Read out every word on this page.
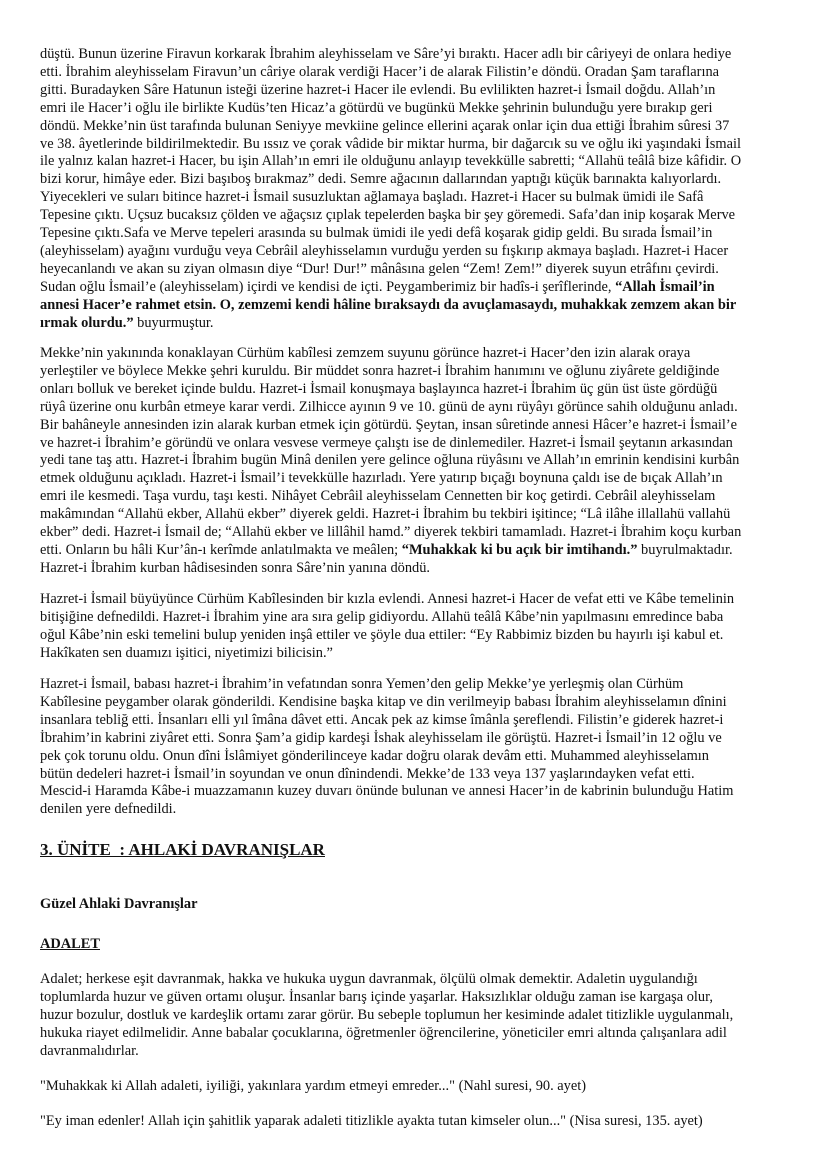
düştü. Bunun üzerine Firavun korkarak İbrahim aleyhisselam ve Sâre’yi bıraktı. Hacer adlı bir câriyeyi de onlara hediye
etti. İbrahim aleyhisselam Firavun’un câriye olarak verdiği Hacer’i de alarak Filistin’e döndü. Oradan Şam taraflarına
gitti. Buradayken Sâre Hatunun isteği üzerine hazret-i Hacer ile evlendi. Bu evlilikten hazret-i İsmail doğdu. Allah’ın
emri ile Hacer’i oğlu ile birlikte Kudüs’ten Hicaz’a götürdü ve bugünkü Mekke şehrinin bulunduğu yere bırakıp geri
döndü. Mekke’nin üst tarafında bulunan Seniyye mevkiine gelince ellerini açarak onlar için dua ettiği İbrahim sûresi 37
ve 38. âyetlerinde bildirilmektedir. Bu ıssız ve çorak vâdide bir miktar hurma, bir dağarcık su ve oğlu iki yaşındaki İsmail
ile yalnız kalan hazret-i Hacer, bu işin Allah’ın emri ile olduğunu anlayıp tevekkülle sabretti; “Allahü teâlâ bize kâfidir. O
bizi korur, himâye eder. Bizi başıboş bırakmaz” dedi. Semre ağacının dallarından yaptığı küçük barınakta kalıyorlardı.
Yiyecekleri ve suları bitince hazret-i İsmail susuzluktan ağlamaya başladı. Hazret-i Hacer su bulmak ümidi ile Safâ
Tepesine çıktı. Uçsuz bucaksız çölden ve ağaçsız çıplak tepelerden başka bir şey göremedi. Safa’dan inip koşarak Merve
Tepesine çıktı.Safa ve Merve tepeleri arasında su bulmak ümidi ile yedi defâ koşarak gidip geldi. Bu sırada İsmail’in
(aleyhisselam) ayağını vurduğu veya Cebrâil aleyhisselamın vurduğu yerden su fışkırıp akmaya başladı. Hazret-i Hacer
heyecanlandı ve akan su ziyan olmasın diye “Dur! Dur!” mânâsına gelen “Zem! Zem!” diyerek suyun etrâfını çevirdi.
Sudan oğlu İsmail’e (aleyhisselam) içirdi ve kendisi de içti. Peygamberimiz bir hadîs-i şerîflerinde, “Allah İsmail’in
annesi Hacer’e rahmet etsin. O, zemzemi kendi hâline bıraksaydı da avuçlamasaydı, muhakkak zemzem akan bir
ırmak olurdu.” buyurmuştur.
Mekke’nin yakınında konaklayan Cürhüm kabîlesi zemzem suyunu görünce hazret-i Hacer’den izin alarak oraya
yerleştiler ve böylece Mekke şehri kuruldu. Bir müddet sonra hazret-i İbrahim hanımını ve oğlunu ziyârete geldiğinde
onları bolluk ve bereket içinde buldu. Hazret-i İsmail konuşmaya başlayınca hazret-i İbrahim üç gün üst üste gördüğü
rüyâ üzerine onu kurbân etmeye karar verdi. Zilhicce ayının 9 ve 10. günü de aynı rüyâyı görünce sahih olduğunu anladı.
Bir bahâneyle annesinden izin alarak kurban etmek için götürdü. Şeytan, insan sûretinde annesi Hâcer’e hazret-i İsmail’e
ve hazret-i İbrahim’e göründü ve onlara vesvese vermeye çalıştı ise de dinlemediler. Hazret-i İsmail şeytanın arkasından
yedi tane taş attı. Hazret-i İbrahim bugün Minâ denilen yere gelince oğluna rüyâsını ve Allah’ın emrinin kendisini kurbân
etmek olduğunu açıkladı. Hazret-i İsmail’i tevekkülle hazırladı. Yere yatırıp bıçağı boynuna çaldı ise de bıçak Allah’ın
emri ile kesmedi. Taşa vurdu, taşı kesti. Nihâyet Cebrâil aleyhisselam Cennetten bir koç getirdi. Cebrâil aleyhisselam
makâmından “Allahü ekber, Allahü ekber” diyerek geldi. Hazret-i İbrahim bu tekbiri işitince; “Lâ ilâhe illallahü vallahü
ekber” dedi. Hazret-i İsmail de; “Allahü ekber ve lillâhil hamd.” diyerek tekbiri tamamladı. Hazret-i İbrahim koçu kurban
etti. Onların bu hâli Kur’ân-ı kerîmde anlatılmakta ve meâlen; “Muhakkak ki bu açık bir imtihandı.” buyrulmaktadır.
Hazret-i İbrahim kurban hâdisesinden sonra Sâre’nin yanına döndü.
Hazret-i İsmail büyüyünce Cürhüm Kabîlesinden bir kızla evlendi. Annesi hazret-i Hacer de vefat etti ve Kâbe temelinin
bitişiğine defnedildi. Hazret-i İbrahim yine ara sıra gelip gidiyordu. Allahü teâlâ Kâbe’nin yapılmasını emredince baba
oğul Kâbe’nin eski temelini bulup yeniden inşâ ettiler ve şöyle dua ettiler: “Ey Rabbimiz bizden bu hayırlı işi kabul et.
Hakîkaten sen duamızı işitici, niyetimizi bilicisin.”
Hazret-i İsmail, babası hazret-i İbrahim’in vefatından sonra Yemen’den gelip Mekke’ye yerleşmiş olan Cürhüm
Kabîlesine peygamber olarak gönderildi. Kendisine başka kitap ve din verilmeyip babası İbrahim aleyhisselamın dînini
insanlara tebliğ etti. İnsanları elli yıl îmâna dâvet etti. Ancak pek az kimse îmânla şereflendi. Filistin’e giderek hazret-i
İbrahim’in kabrini ziyâret etti. Sonra Şam’a gidip kardeşi İshak aleyhisselam ile görüştü. Hazret-i İsmail’in 12 oğlu ve
pek çok torunu oldu. Onun dîni İslâmiyet gönderilinceye kadar doğru olarak devâm etti. Muhammed aleyhisselamın
bütün dedeleri hazret-i İsmail’in soyundan ve onun dînindendi. Mekke’de 133 veya 137 yaşlarındayken vefat etti.
Mescid-i Haramda Kâbe-i muazzamanın kuzey duvarı önünde bulunan ve annesi Hacer’in de kabrinin bulunduğu Hatim
denilen yere defnedildi.
3. ÜNİTE  : AHLAKİ DAVRANIŞLAR
Güzel Ahlaki Davranışlar
ADALET
Adalet; herkese eşit davranmak, hakka ve hukuka uygun davranmak, ölçülü olmak demektir. Adaletin uygulandığı
toplumlarda huzur ve güven ortamı oluşur. İnsanlar barış içinde yaşarlar. Haksızlıklar olduğu zaman ise kargaşa olur,
huzur bozulur, dostluk ve kardeşlik ortamı zarar görür. Bu sebeple toplumun her kesiminde adalet titizlikle uygulanmalı,
hukuka riayet edilmelidir. Anne babalar çocuklarına, öğretmenler öğrencilerine, yöneticiler emri altında çalışanlara adil
davranmalıdırlar.
"Muhakkak ki Allah adaleti, iyiliği, yakınlara yardım etmeyi emreder..." (Nahl suresi, 90. ayet)
"Ey iman edenler! Allah için şahitlik yaparak adaleti titizlikle ayakta tutan kimseler olun..." (Nisa suresi, 135. ayet)
